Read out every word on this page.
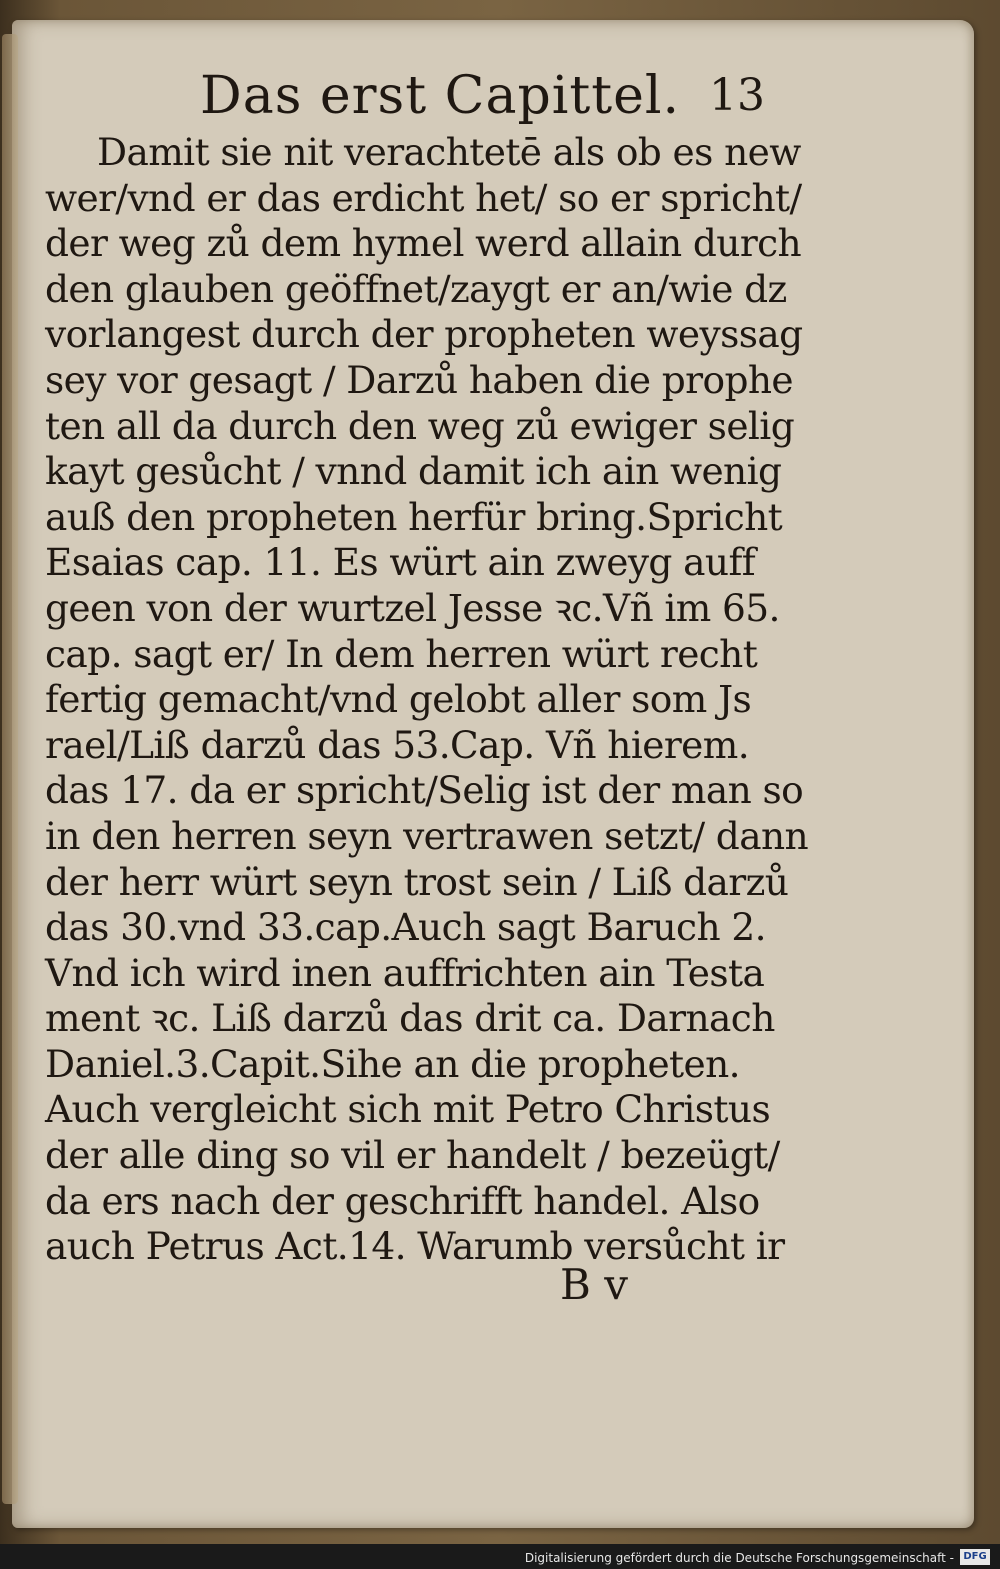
Das erst Capittel. 13
Damit sie nit verachtetē als ob es new
wer/vnd er das erdicht het/ so er spricht/
der weg zů dem hymel werd allain durch
den glauben geöffnet/zaygt er an/wie dz
vorlangest durch der propheten weyssag
sey vor gesagt / Darzů haben die prophe
ten all da durch den weg zů ewiger selig
kayt gesůcht / vnnd damit ich ain wenig
auß den propheten herfür bring.Spricht
Esaias cap. 11. Es würt ain zweyg auff
geen von der wurtzel Jesse ꝛc.Vñ im 65.
cap. sagt er/ In dem herren würt recht
fertig gemacht/vnd gelobt aller som Js
rael/Liß darzů das 53.Cap. Vñ hierem.
das 17. da er spricht/Selig ist der man so
in den herren seyn vertrawen setzt/ dann
der herr würt seyn trost sein / Liß darzů
das 30.vnd 33.cap.Auch sagt Baruch 2.
Vnd ich wird inen auffrichten ain Testa
ment ꝛc. Liß darzů das drit ca. Darnach
Daniel.3.Capit.Sihe an die propheten.
Auch vergleicht sich mit Petro Christus
der alle ding so vil er handelt / bezeügt/
da ers nach der geschrifft handel. Also
auch Petrus Act.14. Warumb versůcht ir
B v
Digitalisierung gefördert durch die Deutsche Forschungsgemeinschaft - DFG
